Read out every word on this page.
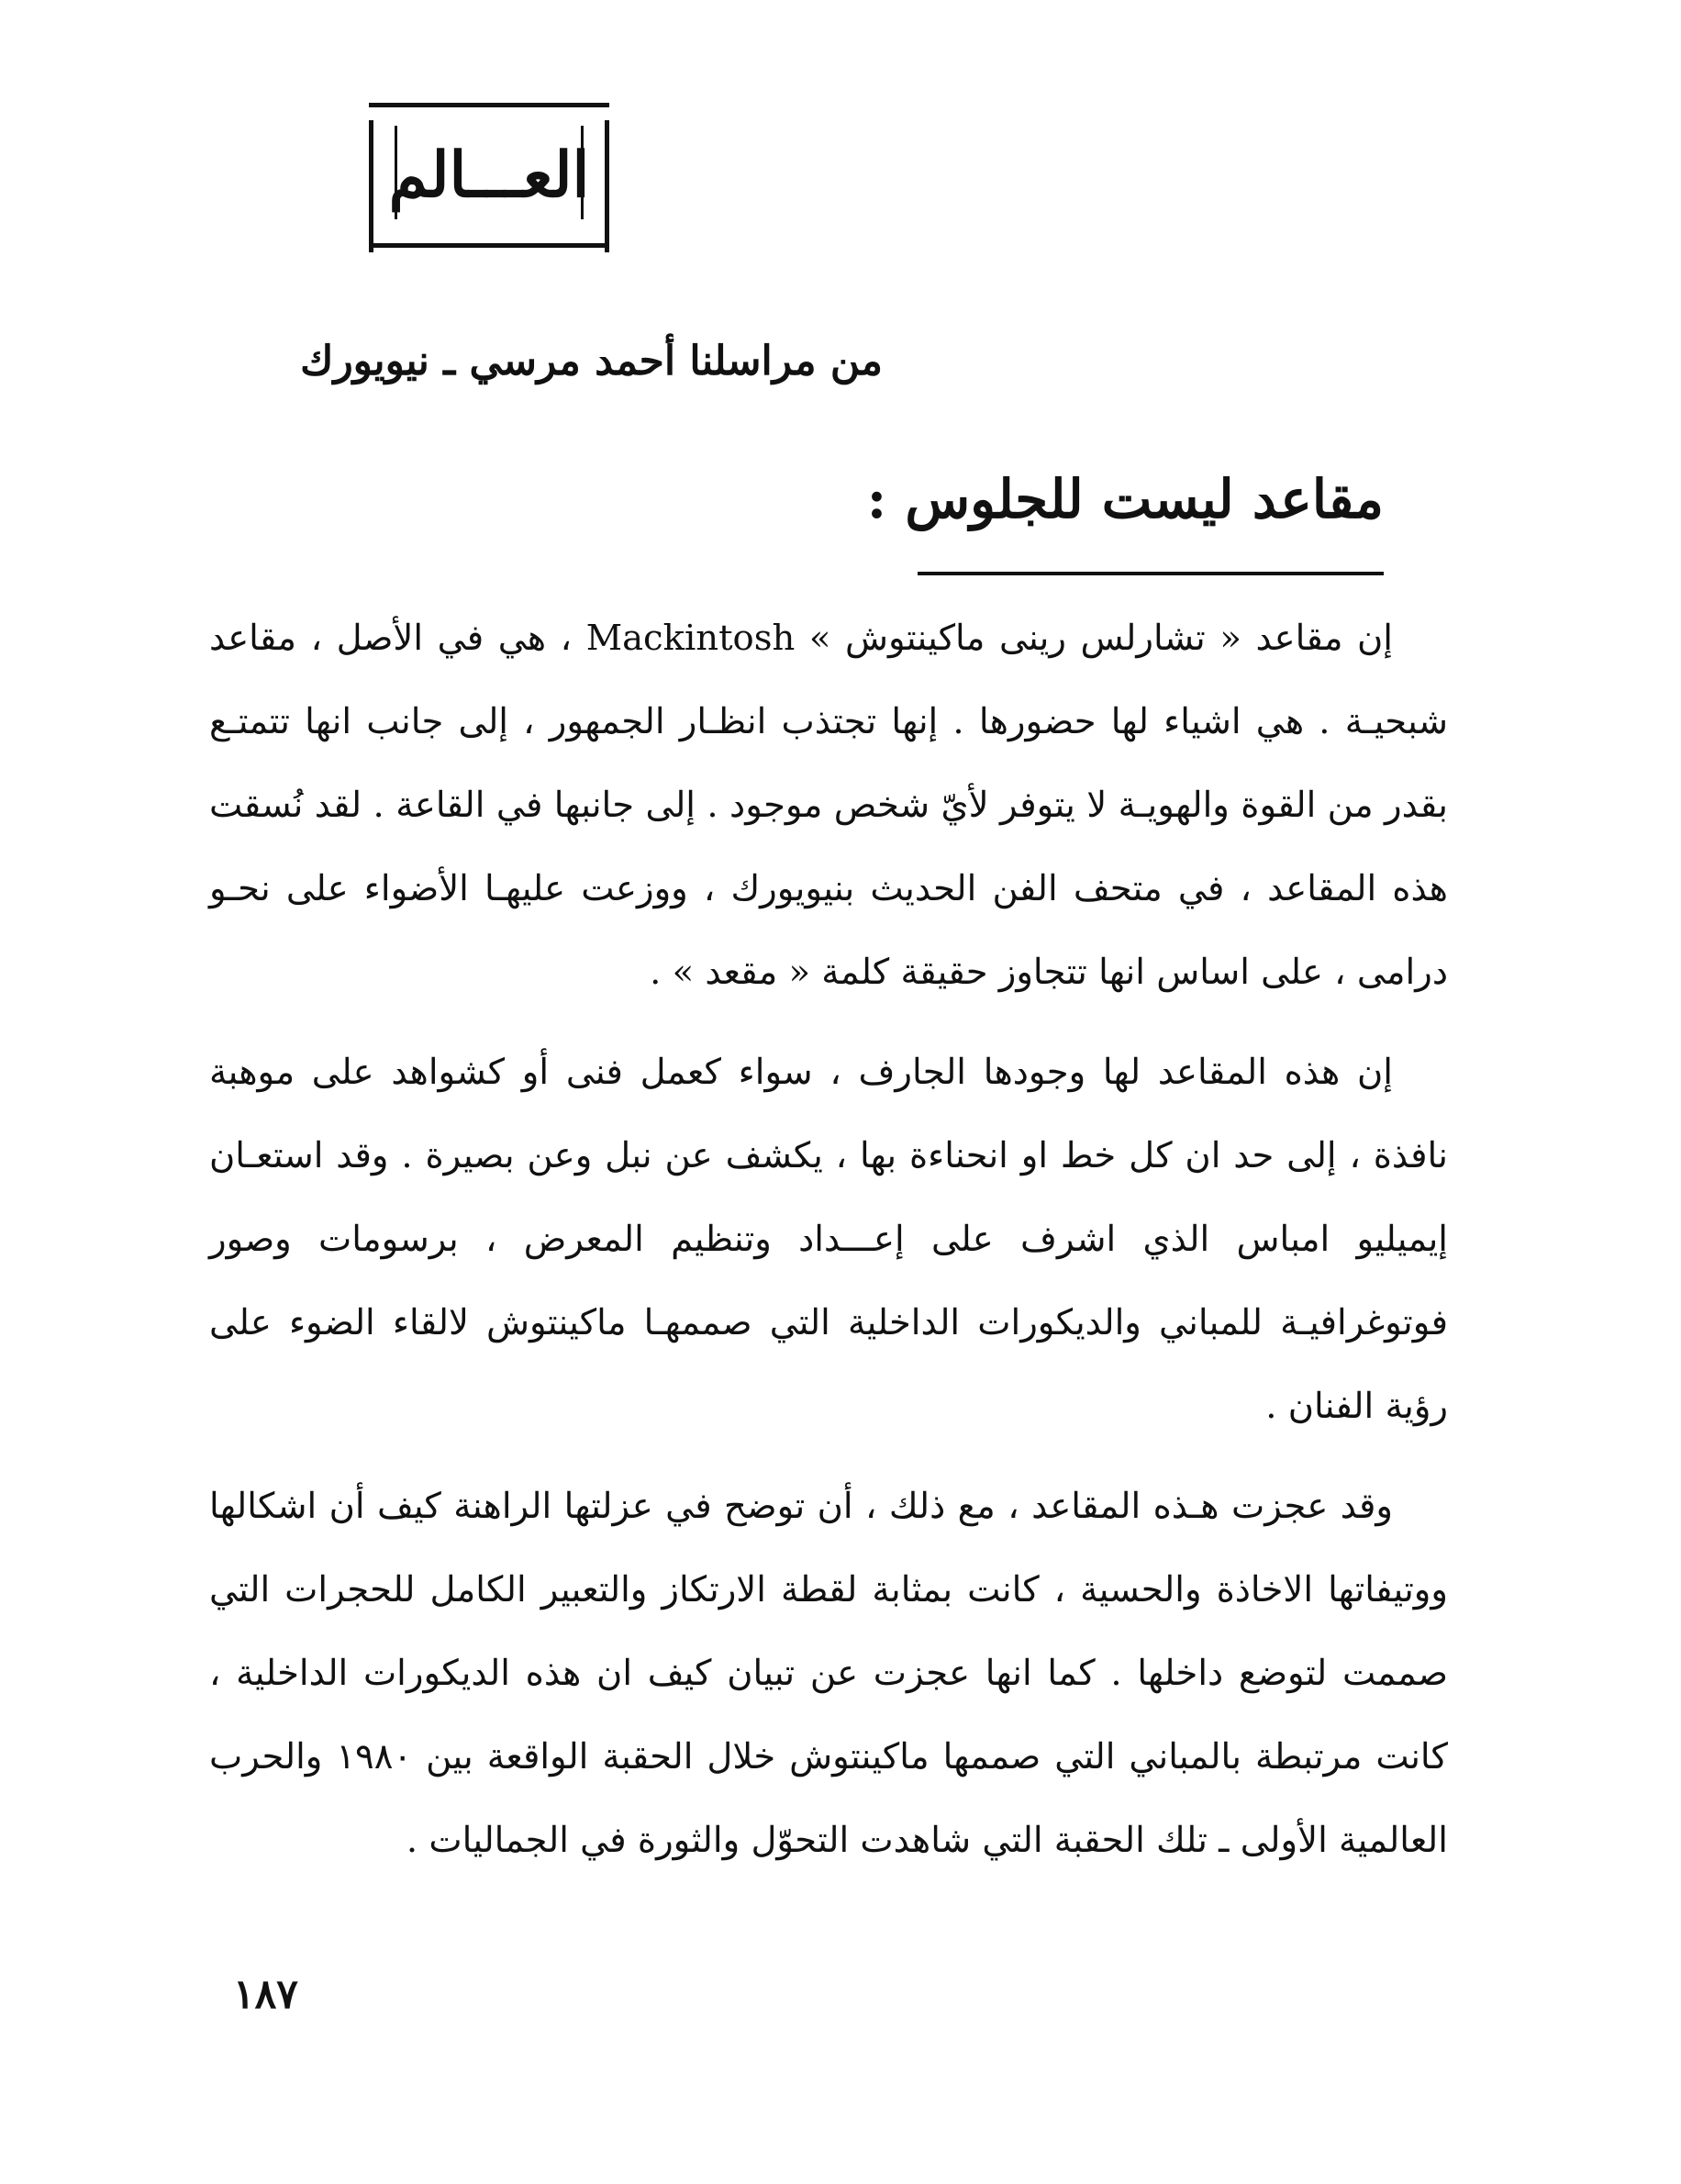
العـــالم
من مراسلنا أحمد مرسي ـ نيويورك
مقاعد ليست للجلوس :

إن مقاعد « تشارلس رينى ماكينتوش » Mackintosh ، هي في الأصل ، مقاعد شبحيـة . هي اشياء لها حضورها . إنها تجتذب انظـار الجمهور ، إلى جانب انها تتمتـع بقدر من القوة والهويـة لا يتوفر لأيّ شخص موجود . إلى جانبها في القاعة . لقد نُسقت هذه المقاعد ، في متحف الفن الحديث بنيويورك ، ووزعت عليهـا الأضواء على نحـو درامى ، على اساس انها تتجاوز حقيقة كلمة « مقعد » .

إن هذه المقاعد لها وجودها الجارف ، سواء كعمل فنى أو كشواهد على موهبة نافذة ، إلى حد ان كل خط او انحناءة بها ، يكشف عن نبل وعن بصيرة . وقد استعـان إيميليو امباس الذي اشرف على إعـــداد وتنظيم المعرض ، برسومات وصور فوتوغرافيـة للمباني والديكورات الداخلية التي صممهـا ماكينتوش لالقاء الضوء على رؤية الفنان .

وقد عجزت هـذه المقاعد ، مع ذلك ، أن توضح في عزلتها الراهنة كيف أن اشكالها ووتيفاتها الاخاذة والحسية ، كانت بمثابة لقطة الارتكاز والتعبير الكامل للحجرات التي صممت لتوضع داخلها . كما انها عجزت عن تبيان كيف ان هذه الديكورات الداخلية ، كانت مرتبطة بالمباني التي صممها ماكينتوش خلال الحقبة الواقعة بين ١٩٨٠ والحرب العالمية الأولى ـ تلك الحقبة التي شاهدت التحوّل والثورة في الجماليات .

١٨٧
